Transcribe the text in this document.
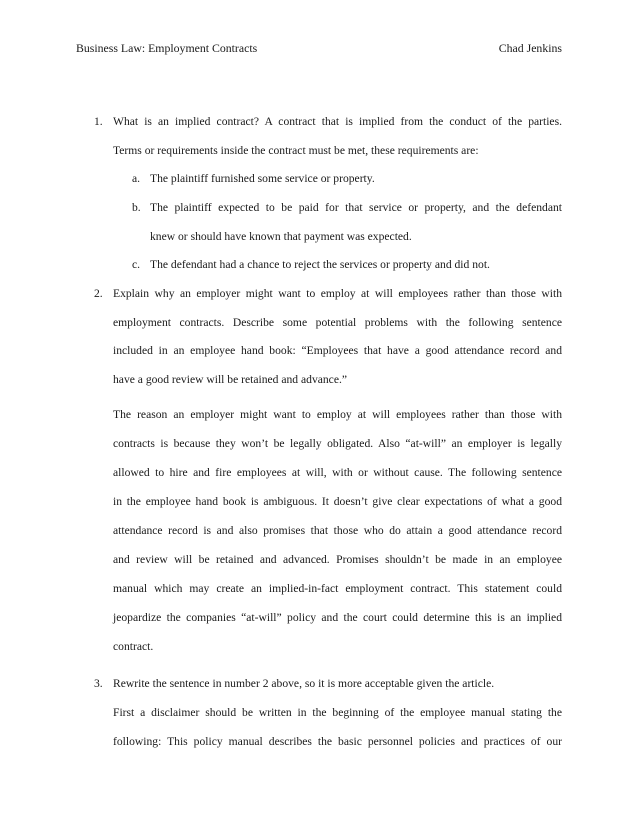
Business Law: Employment Contracts	Chad Jenkins
1. What is an implied contract? A contract that is implied from the conduct of the parties.
Terms or requirements inside the contract must be met, these requirements are:
a. The plaintiff furnished some service or property.
b. The plaintiff expected to be paid for that service or property, and the defendant
knew or should have known that payment was expected.
c. The defendant had a chance to reject the services or property and did not.
2. Explain why an employer might want to employ at will employees rather than those with
employment contracts. Describe some potential problems with the following sentence
included in an employee hand book: “Employees that have a good attendance record and
have a good review will be retained and advance.”
The reason an employer might want to employ at will employees rather than those with
contracts is because they won’t be legally obligated. Also “at-will” an employer is legally
allowed to hire and fire employees at will, with or without cause. The following sentence
in the employee hand book is ambiguous. It doesn’t give clear expectations of what a good
attendance record is and also promises that those who do attain a good attendance record
and review will be retained and advanced. Promises shouldn’t be made in an employee
manual which may create an implied-in-fact employment contract. This statement could
jeopardize the companies “at-will” policy and the court could determine this is an implied
contract.
3. Rewrite the sentence in number 2 above, so it is more acceptable given the article.
First a disclaimer should be written in the beginning of the employee manual stating the
following: This policy manual describes the basic personnel policies and practices of our
